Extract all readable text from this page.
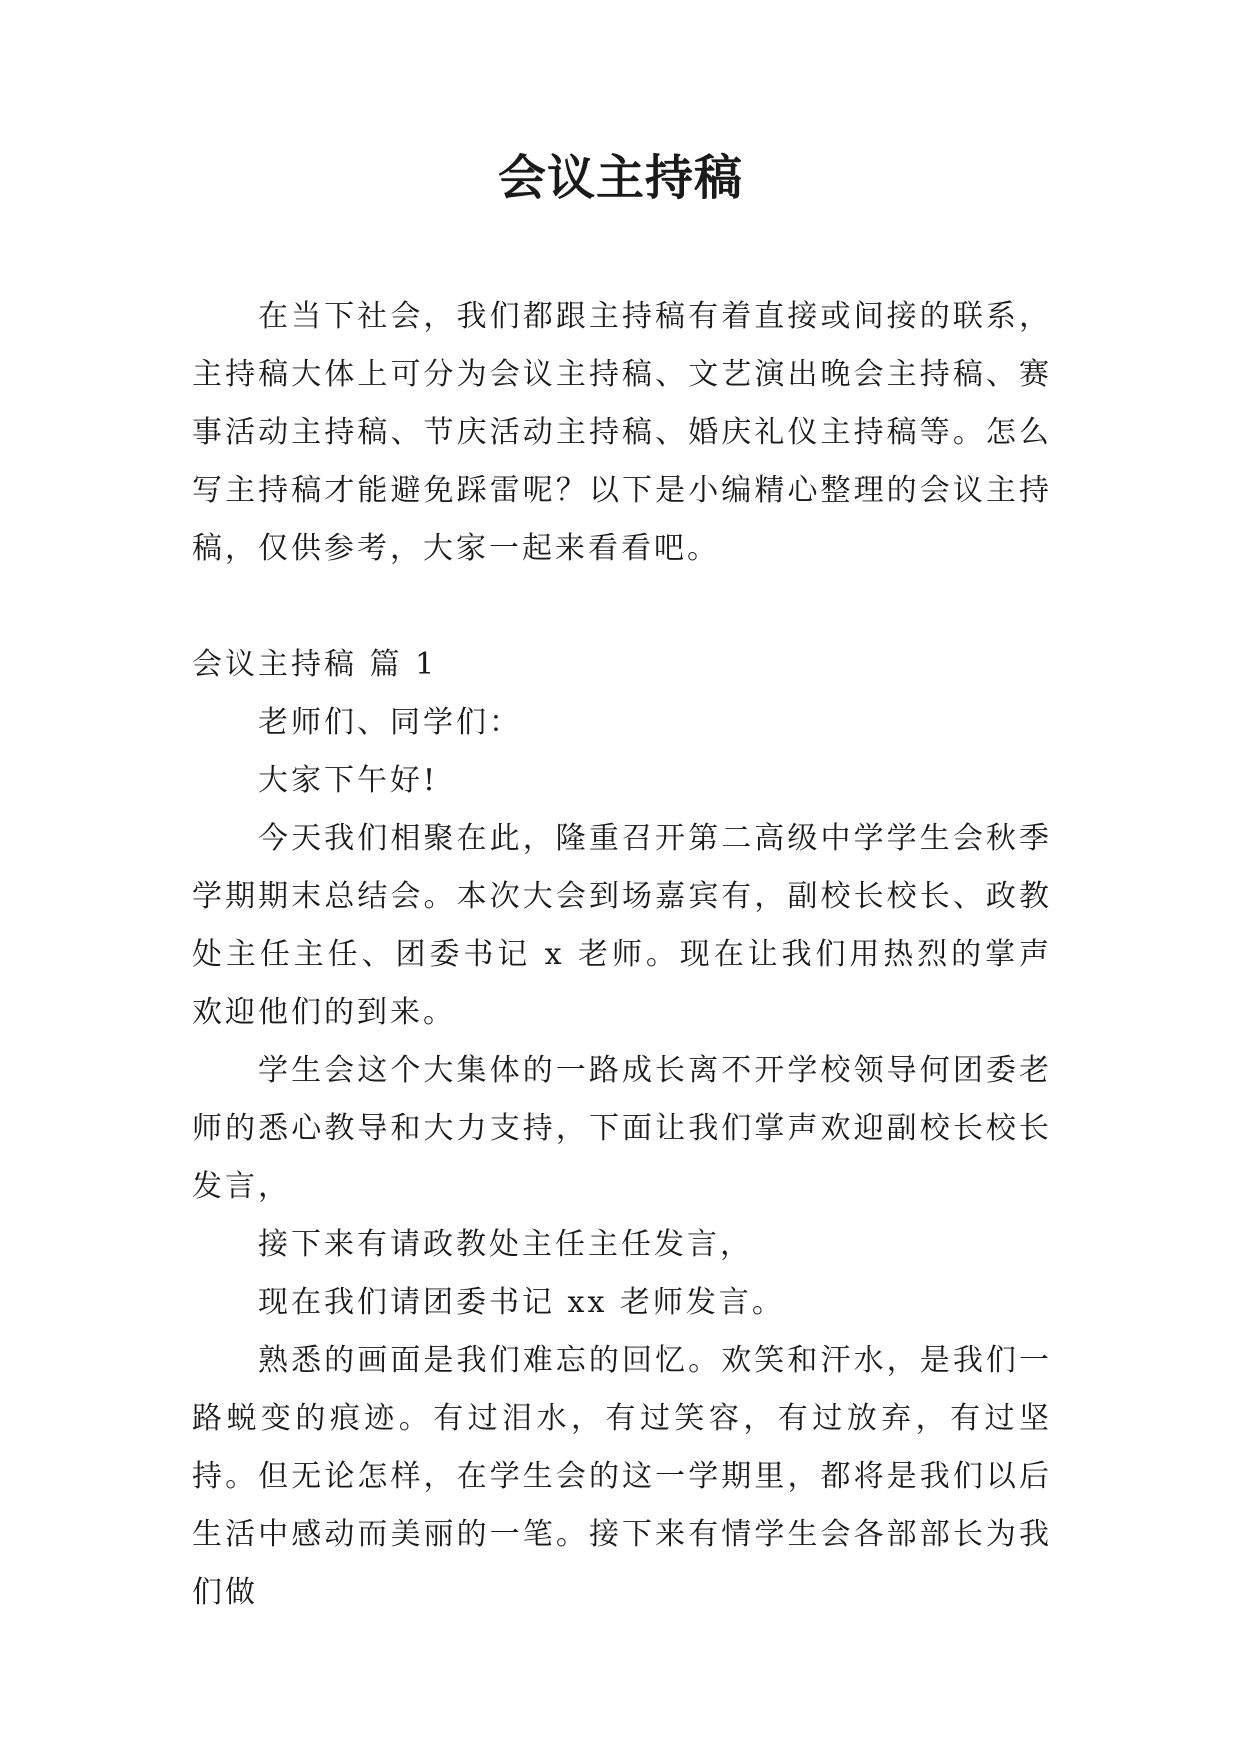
会议主持稿

在当下社会，我们都跟主持稿有着直接或间接的联系，主持稿大体上可分为会议主持稿、文艺演出晚会主持稿、赛事活动主持稿、节庆活动主持稿、婚庆礼仪主持稿等。怎么写主持稿才能避免踩雷呢？以下是小编精心整理的会议主持稿，仅供参考，大家一起来看看吧。

会议主持稿 篇 1

老师们、同学们：

大家下午好!

今天我们相聚在此，隆重召开第二高级中学学生会秋季学期期末总结会。本次大会到场嘉宾有，副校长校长、政教处主任主任、团委书记 x 老师。现在让我们用热烈的掌声欢迎他们的到来。

学生会这个大集体的一路成长离不开学校领导何团委老师的悉心教导和大力支持，下面让我们掌声欢迎副校长校长发言，

接下来有请政教处主任主任发言，

现在我们请团委书记 xx 老师发言。

熟悉的画面是我们难忘的回忆。欢笑和汗水，是我们一路蜕变的痕迹。有过泪水，有过笑容，有过放弃，有过坚持。但无论怎样，在学生会的这一学期里，都将是我们以后生活中感动而美丽的一笔。接下来有情学生会各部部长为我们做
